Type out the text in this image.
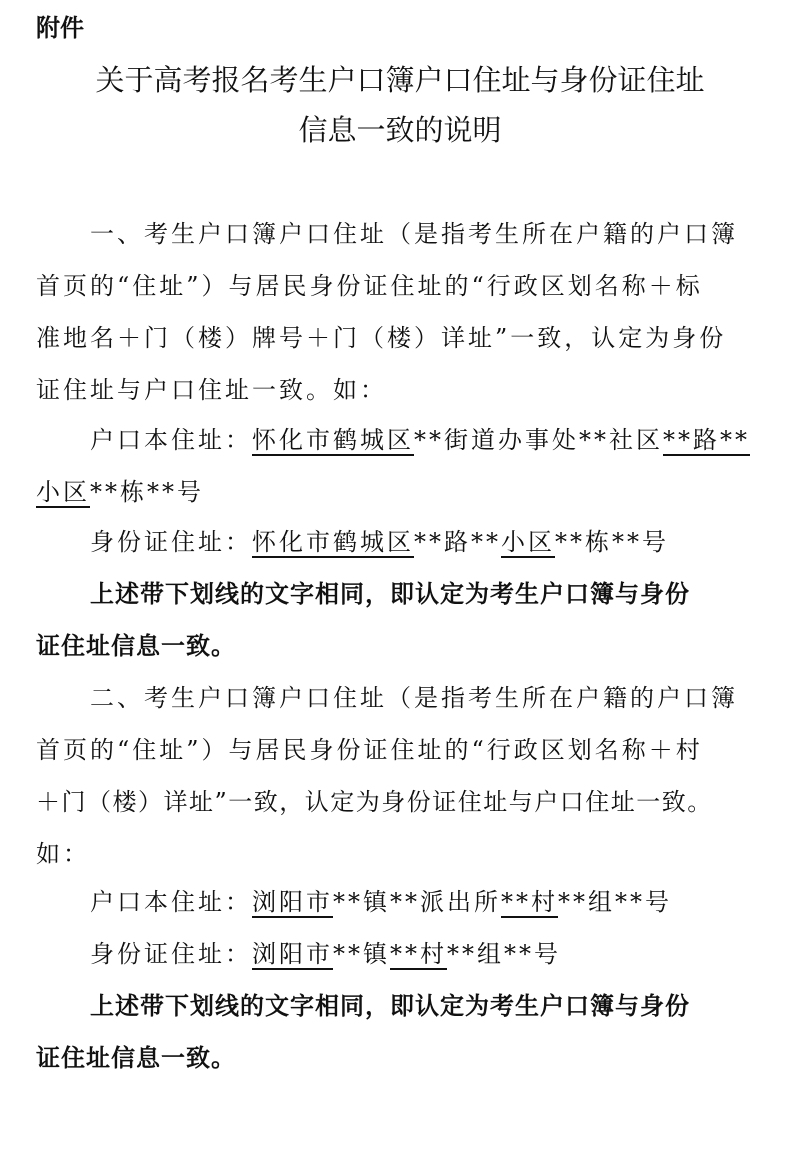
附件
关于高考报名考生户口簿户口住址与身份证住址
信息一致的说明
一、考生户口簿户口住址（是指考生所在户籍的户口簿
首页的“住址”）与居民身份证住址的“行政区划名称＋标
准地名＋门（楼）牌号＋门（楼）详址”一致，认定为身份
证住址与户口住址一致。如：
户口本住址：怀化市鹤城区**街道办事处**社区**路**
小区**栋**号
身份证住址：怀化市鹤城区**路**小区**栋**号
上述带下划线的文字相同，即认定为考生户口簿与身份
证住址信息一致。
二、考生户口簿户口住址（是指考生所在户籍的户口簿
首页的“住址”）与居民身份证住址的“行政区划名称＋村
＋门（楼）详址”一致，认定为身份证住址与户口住址一致。
如：
户口本住址：浏阳市**镇**派出所**村**组**号
身份证住址：浏阳市**镇**村**组**号
上述带下划线的文字相同，即认定为考生户口簿与身份
证住址信息一致。
